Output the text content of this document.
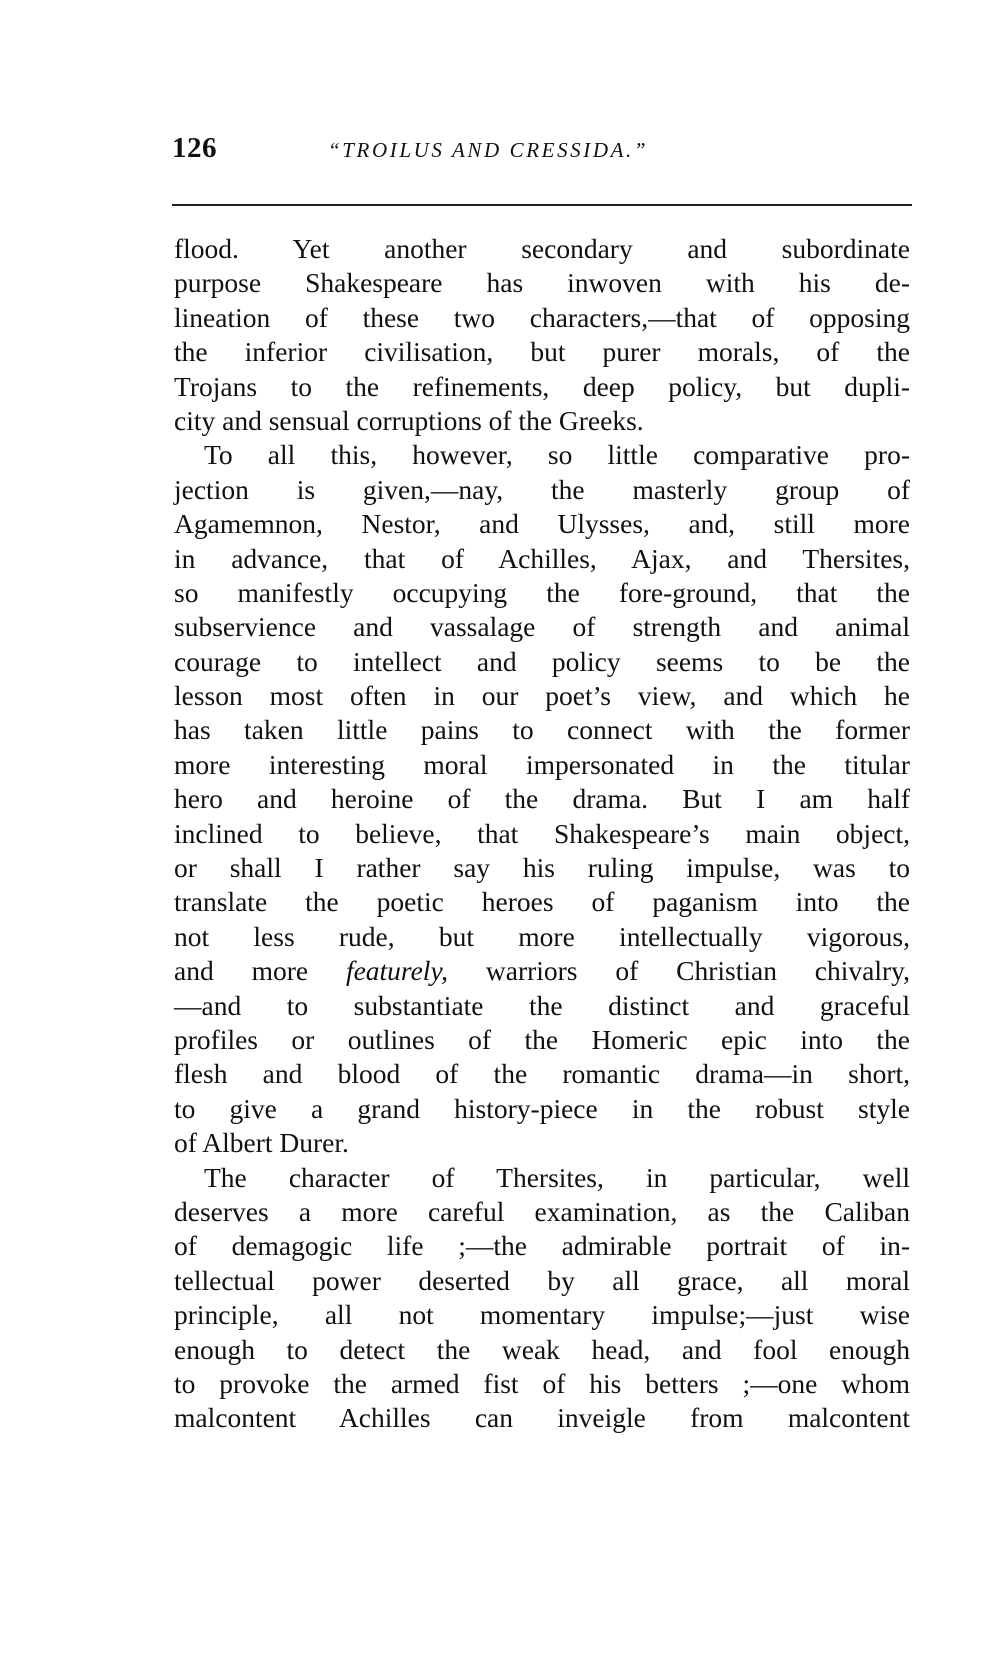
126	“TROILUS AND CRESSIDA.”
flood. Yet another secondary and subordinate
purpose Shakespeare has inwoven with his de-
lineation of these two characters,—that of opposing
the inferior civilisation, but purer morals, of the
Trojans to the refinements, deep policy, but dupli-
city and sensual corruptions of the Greeks.
To all this, however, so little comparative pro-
jection is given,—nay, the masterly group of
Agamemnon, Nestor, and Ulysses, and, still more
in advance, that of Achilles, Ajax, and Thersites,
so manifestly occupying the fore-ground, that the
subservience and vassalage of strength and animal
courage to intellect and policy seems to be the
lesson most often in our poet’s view, and which he
has taken little pains to connect with the former
more interesting moral impersonated in the titular
hero and heroine of the drama. But I am half
inclined to believe, that Shakespeare’s main object,
or shall I rather say his ruling impulse, was to
translate the poetic heroes of paganism into the
not less rude, but more intellectually vigorous,
and more featurely, warriors of Christian chivalry,
—and to substantiate the distinct and graceful
profiles or outlines of the Homeric epic into the
flesh and blood of the romantic drama—in short,
to give a grand history-piece in the robust style
of Albert Durer.
The character of Thersites, in particular, well
deserves a more careful examination, as the Caliban
of demagogic life ;—the admirable portrait of in-
tellectual power deserted by all grace, all moral
principle, all not momentary impulse;—just wise
enough to detect the weak head, and fool enough
to provoke the armed fist of his betters ;—one whom
malcontent Achilles can inveigle from malcontent
